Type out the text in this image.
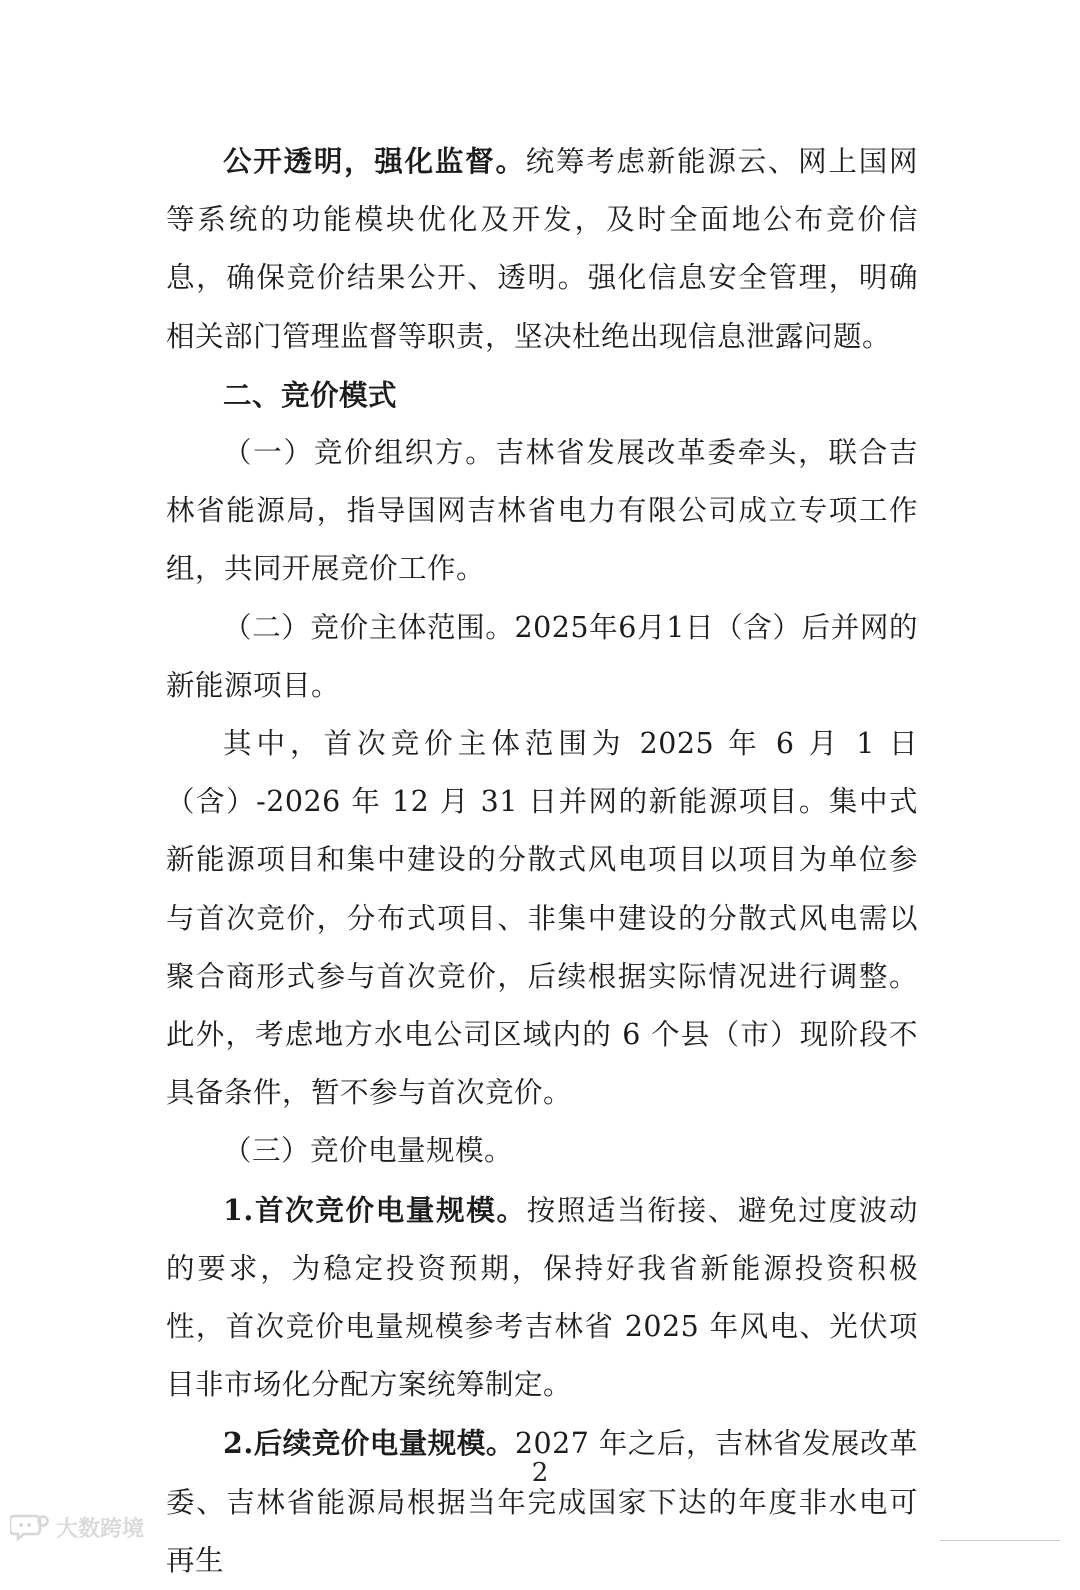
公开透明，强化监督。统筹考虑新能源云、网上国网等系统的功能模块优化及开发，及时全面地公布竞价信息，确保竞价结果公开、透明。强化信息安全管理，明确相关部门管理监督等职责，坚决杜绝出现信息泄露问题。

二、竞价模式

（一）竞价组织方。吉林省发展改革委牵头，联合吉林省能源局，指导国网吉林省电力有限公司成立专项工作组，共同开展竞价工作。

（二）竞价主体范围。2025年6月1日（含）后并网的新能源项目。

其中，首次竞价主体范围为 2025 年 6 月 1 日（含）-2026 年 12 月 31 日并网的新能源项目。集中式新能源项目和集中建设的分散式风电项目以项目为单位参与首次竞价，分布式项目、非集中建设的分散式风电需以聚合商形式参与首次竞价，后续根据实际情况进行调整。此外，考虑地方水电公司区域内的 6 个县（市）现阶段不具备条件，暂不参与首次竞价。

（三）竞价电量规模。

1.首次竞价电量规模。按照适当衔接、避免过度波动的要求，为稳定投资预期，保持好我省新能源投资积极性，首次竞价电量规模参考吉林省 2025 年风电、光伏项目非市场化分配方案统筹制定。

2.后续竞价电量规模。2027 年之后，吉林省发展改革委、吉林省能源局根据当年完成国家下达的年度非水电可再生

2
大数跨境
